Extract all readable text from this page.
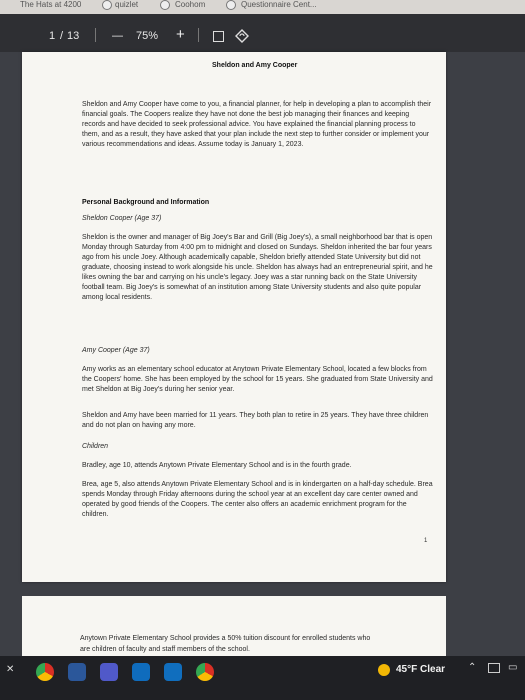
The Hats at 4200	quizlet	Coohom	Questionnaire Cent...
1 / 13	— 75% +
Sheldon and Amy Cooper
Sheldon and Amy Cooper have come to you, a financial planner, for help in developing a plan to accomplish their financial goals. The Coopers realize they have not done the best job managing their finances and keeping records and have decided to seek professional advice. You have explained the financial planning process to them, and as a result, they have asked that your plan include the next step to further consider or implement your various recommendations and ideas. Assume today is January 1, 2023.
Personal Background and Information
Sheldon Cooper (Age 37)
Sheldon is the owner and manager of Big Joey's Bar and Grill (Big Joey's), a small neighborhood bar that is open Monday through Saturday from 4:00 pm to midnight and closed on Sundays. Sheldon inherited the bar four years ago from his uncle Joey. Although academically capable, Sheldon briefly attended State University but did not graduate, choosing instead to work alongside his uncle. Sheldon has always had an entrepreneurial spirit, and he likes owning the bar and carrying on his uncle's legacy. Joey was a star running back on the State University football team. Big Joey's is somewhat of an institution among State University students and also quite popular among local residents.
Amy Cooper (Age 37)
Amy works as an elementary school educator at Anytown Private Elementary School, located a few blocks from the Coopers' home. She has been employed by the school for 15 years. She graduated from State University and met Sheldon at Big Joey's during her senior year.
Sheldon and Amy have been married for 11 years. They both plan to retire in 25 years. They have three children and do not plan on having any more.
Children
Bradley, age 10, attends Anytown Private Elementary School and is in the fourth grade.
Brea, age 5, also attends Anytown Private Elementary School and is in kindergarten on a half-day schedule. Brea spends Monday through Friday afternoons during the school year at an excellent day care center owned and operated by good friends of the Coopers. The center also offers an academic enrichment program for the children.
1
Anytown Private Elementary School provides a 50% tuition discount for enrolled students who
are children of faculty and staff members of the school.
✕	45°F Clear ⌃	▭
